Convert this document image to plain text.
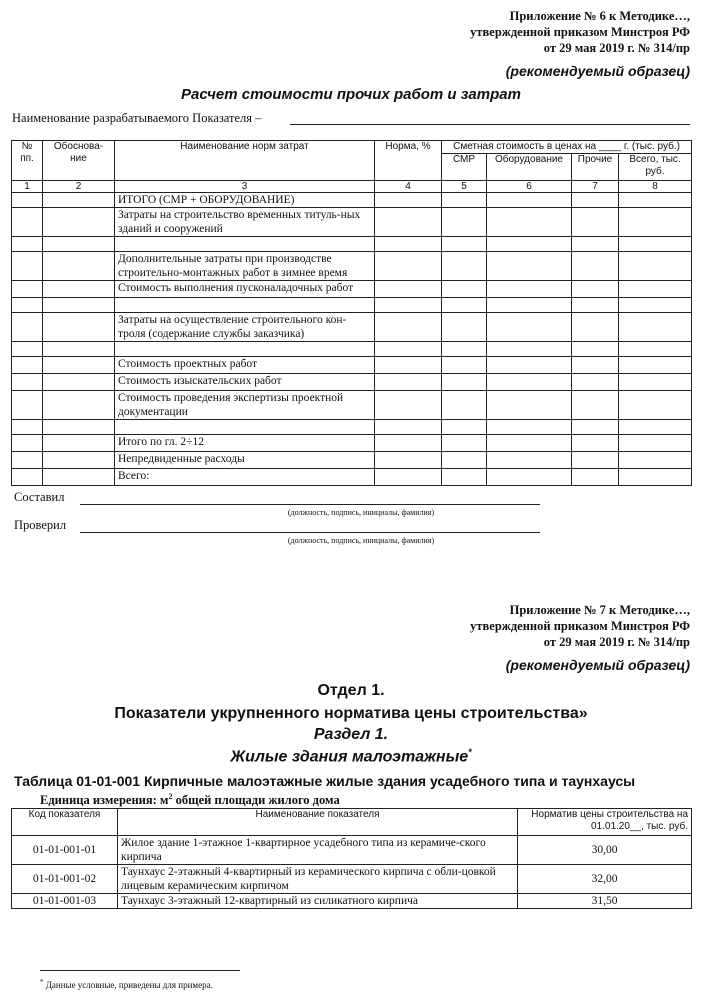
Приложение № 6 к Методике…,
утвержденной приказом Минстроя РФ
от 29 мая 2019 г. № 314/пр
(рекомендуемый образец)
Расчет стоимости прочих работ и затрат
Наименование разрабатываемого Показателя –
№ пп.	Обоснова-ние	Наименование норм затрат	Норма, %	Сметная стоимость в ценах на ____ г. (тыс. руб.)			
				СМР	Оборудование	Прочие	Всего, тыс. руб.
1	2	3	4	5	6	7	8
		ИТОГО (СМР + ОБОРУДОВАНИЕ)					
		Затраты на строительство временных титуль-ных зданий и сооружений					

		Дополнительные затраты при производстве строительно-монтажных работ в зимнее время					
		Стоимость выполнения пусконаладочных работ					

		Затраты на осуществление строительного кон-троля (содержание службы заказчика)					

		Стоимость проектных работ					
		Стоимость изыскательских работ					
		Стоимость проведения экспертизы проектной документации					

		Итого по гл. 2÷12					
		Непредвиденные расходы					
		Всего:					
Составил
(должность, подпись, инициалы, фамилия)
Проверил
(должность, подпись, инициалы, фамилия)
Приложение № 7 к Методике…,
утвержденной приказом Минстроя РФ
от 29 мая 2019 г. № 314/пр
(рекомендуемый образец)
Отдел 1.
Показатели укрупненного норматива цены строительства»
Раздел 1.
Жилые здания малоэтажные*
Таблица 01-01-001 Кирпичные малоэтажные жилые здания усадебного типа и таунхаусы
Единица измерения: $м^2$ общей площади жилого дома
Код показателя	Наименование показателя	Норматив цены строительства на 01.01.20__, тыс. руб.
01-01-001-01	Жилое здание 1-этажное 1-квартирное усадебного типа из керамиче-ского кирпича	30,00
01-01-001-02	Таунхаус 2-этажный 4-квартирный из керамического кирпича с обли-цовкой лицевым керамическим кирпичом	32,00
01-01-001-03	Таунхаус 3-этажный 12-квартирный из силикатного кирпича	31,50
* Данные условные, приведены для примера.
